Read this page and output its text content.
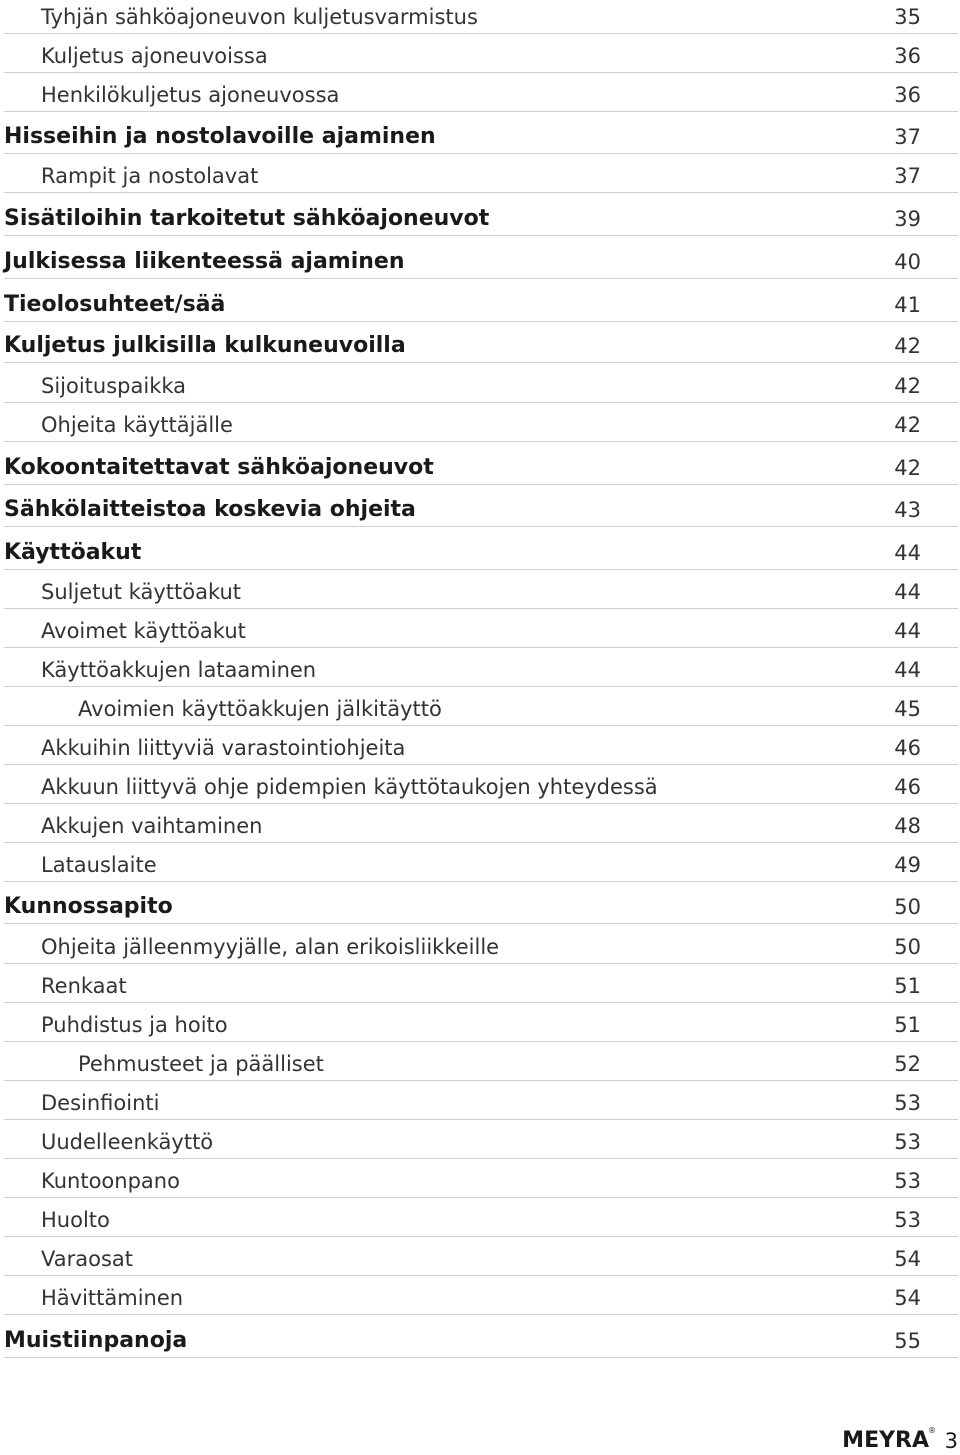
Tyhjän sähköajoneuvon kuljetusvarmistus	35
Kuljetus ajoneuvoissa	36
Henkilökuljetus ajoneuvossa	36
Hisseihin ja nostolavoille ajaminen	37
Rampit ja nostolavat	37
Sisätiloihin tarkoitetut sähköajoneuvot	39
Julkisessa liikenteessä ajaminen	40
Tieolosuhteet/sää	41
Kuljetus julkisilla kulkuneuvoilla	42
Sijoituspaikka	42
Ohjeita käyttäjälle	42
Kokoontaitettavat sähköajoneuvot	42
Sähkölaitteistoa koskevia ohjeita	43
Käyttöakut	44
Suljetut käyttöakut	44
Avoimet käyttöakut	44
Käyttöakkujen lataaminen	44
Avoimien käyttöakkujen jälkitäyttö	45
Akkuihin liittyviä varastointiohjeita	46
Akkuun liittyvä ohje pidempien käyttötaukojen yhteydessä	46
Akkujen vaihtaminen	48
Latauslaite	49
Kunnossapito	50
Ohjeita jälleenmyyjälle, alan erikoisliikkeille	50
Renkaat	51
Puhdistus ja hoito	51
Pehmusteet ja päälliset	52
Desinfiointi	53
Uudelleenkäyttö	53
Kuntoonpano	53
Huolto	53
Varaosat	54
Hävittäminen	54
Muistiinpanoja	55
MEYRA ® 3
